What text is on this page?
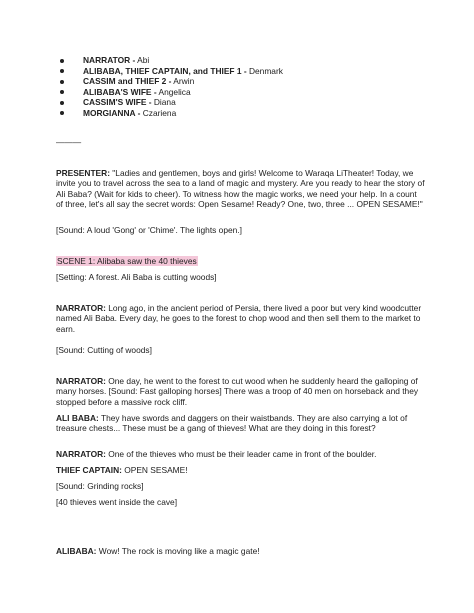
NARRATOR - Abi
ALIBABA, THIEF CAPTAIN, and THIEF 1 - Denmark
CASSIM and THIEF 2 - Arwin
ALIBABA'S WIFE - Angelica
CASSIM'S WIFE - Diana
MORGIANNA - Czariena

———

PRESENTER: "Ladies and gentlemen, boys and girls! Welcome to Waraqa LiTheater! Today, we invite you to travel across the sea to a land of magic and mystery. Are you ready to hear the story of Ali Baba? (Wait for kids to cheer). To witness how the magic works, we need your help. In a count of three, let's all say the secret words: Open Sesame! Ready? One, two, three ... OPEN SESAME!"

[Sound: A loud 'Gong' or 'Chime'. The lights open.]

SCENE 1: Alibaba saw the 40 thieves

[Setting: A forest. Ali Baba is cutting woods]

NARRATOR: Long ago, in the ancient period of Persia, there lived a poor but very kind woodcutter named Ali Baba. Every day, he goes to the forest to chop wood and then sell them to the market to earn.

[Sound: Cutting of woods]

NARRATOR: One day, he went to the forest to cut wood when he suddenly heard the galloping of many horses. [Sound: Fast galloping horses] There was a troop of 40 men on horseback and they stopped before a massive rock cliff.

ALI BABA: They have swords and daggers on their waistbands. They are also carrying a lot of treasure chests... These must be a gang of thieves! What are they doing in this forest?

NARRATOR: One of the thieves who must be their leader came in front of the boulder.

THIEF CAPTAIN: OPEN SESAME!

[Sound: Grinding rocks]

[40 thieves went inside the cave]

ALIBABA: Wow! The rock is moving like a magic gate!
